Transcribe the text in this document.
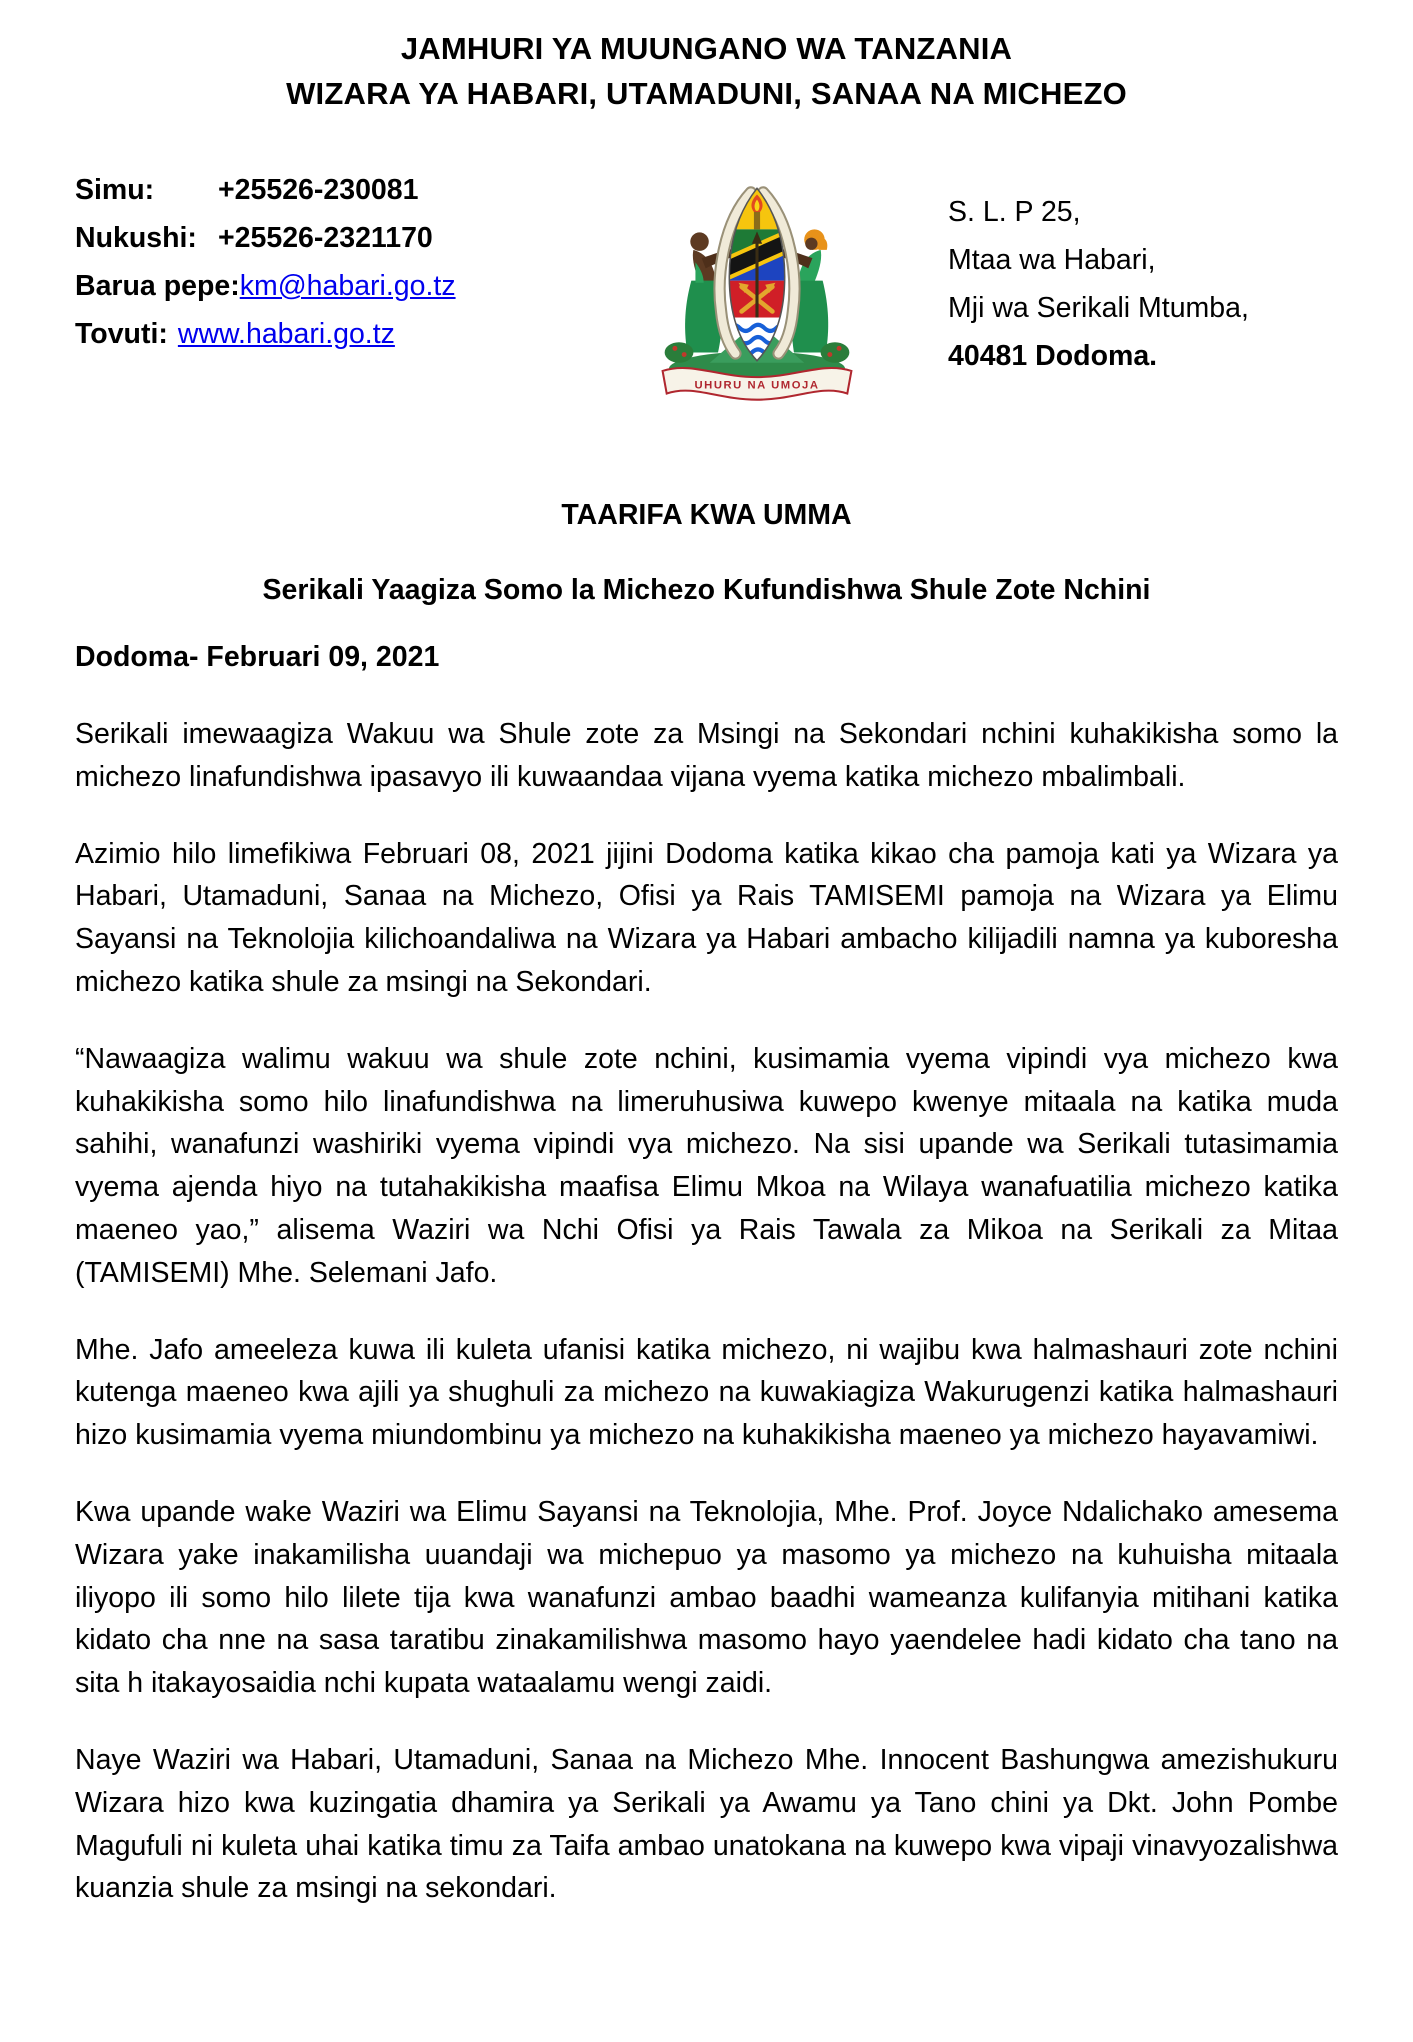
JAMHURI YA MUUNGANO WA TANZANIA
WIZARA YA HABARI, UTAMADUNI, SANAA NA MICHEZO
Simu: +25526-230081
Nukushi: +25526-2321170
Barua pepe:km@habari.go.tz
Tovuti: www.habari.go.tz
UHURU NA UMOJA
S. L. P 25,
Mtaa wa Habari,
Mji wa Serikali Mtumba,
40481 Dodoma.
TAARIFA KWA UMMA
Serikali Yaagiza Somo la Michezo Kufundishwa Shule Zote Nchini
Dodoma- Februari 09, 2021

Serikali imewaagiza Wakuu wa Shule zote za Msingi na Sekondari nchini kuhakikisha somo la michezo linafundishwa ipasavyo ili kuwaandaa vijana vyema katika michezo mbalimbali.

Azimio hilo limefikiwa Februari 08, 2021 jijini Dodoma katika kikao cha pamoja kati ya Wizara ya Habari, Utamaduni, Sanaa na Michezo, Ofisi ya Rais TAMISEMI pamoja na Wizara ya Elimu Sayansi na Teknolojia kilichoandaliwa na Wizara ya Habari ambacho kilijadili namna ya kuboresha michezo katika shule za msingi na Sekondari.

“Nawaagiza walimu wakuu wa shule zote nchini, kusimamia vyema vipindi vya michezo kwa kuhakikisha somo hilo linafundishwa na limeruhusiwa kuwepo kwenye mitaala na katika muda sahihi, wanafunzi washiriki vyema vipindi vya michezo. Na sisi upande wa Serikali tutasimamia vyema ajenda hiyo na tutahakikisha maafisa Elimu Mkoa na Wilaya wanafuatilia michezo katika maeneo yao,” alisema Waziri wa Nchi Ofisi ya Rais Tawala za Mikoa na Serikali za Mitaa (TAMISEMI) Mhe. Selemani Jafo.

Mhe. Jafo ameeleza kuwa ili kuleta ufanisi katika michezo, ni wajibu kwa halmashauri zote nchini kutenga maeneo kwa ajili ya shughuli za michezo na kuwakiagiza Wakurugenzi katika halmashauri hizo kusimamia vyema miundombinu ya michezo na kuhakikisha maeneo ya michezo hayavamiwi.

Kwa upande wake Waziri wa Elimu Sayansi na Teknolojia, Mhe. Prof. Joyce Ndalichako amesema Wizara yake inakamilisha uuandaji wa michepuo ya masomo ya michezo na kuhuisha mitaala iliyopo ili somo hilo lilete tija kwa wanafunzi ambao baadhi wameanza kulifanyia mitihani katika kidato cha nne na sasa taratibu zinakamilishwa masomo hayo yaendelee hadi kidato cha tano na sita h itakayosaidia nchi kupata wataalamu wengi zaidi.

Naye Waziri wa Habari, Utamaduni, Sanaa na Michezo Mhe. Innocent Bashungwa amezishukuru Wizara hizo kwa kuzingatia dhamira ya Serikali ya Awamu ya Tano chini ya Dkt. John Pombe Magufuli ni kuleta uhai katika timu za Taifa ambao unatokana na kuwepo kwa vipaji vinavyozalishwa kuanzia shule za msingi na sekondari.
